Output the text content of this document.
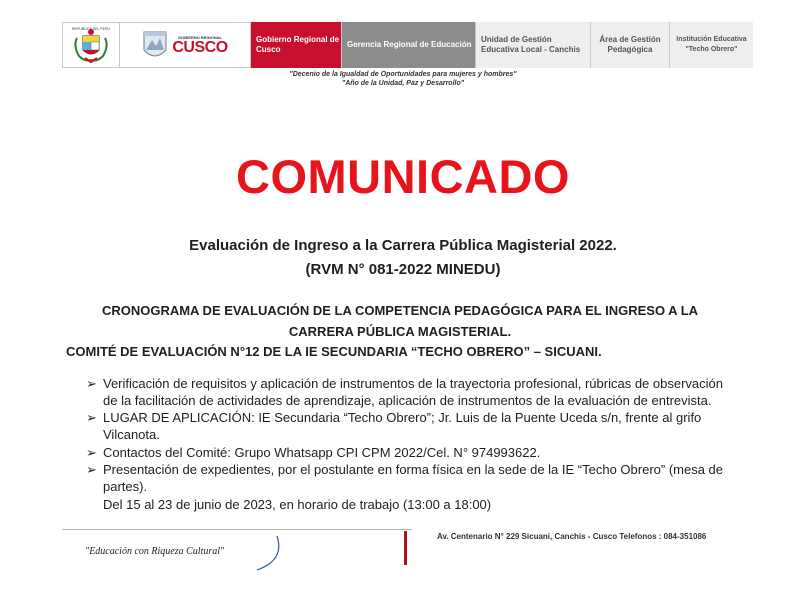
REPUBLICA DEL PERU
GOBIERNO REGIONAL
CUSCO	Gobierno Regional de Cusco
Gerencia Regional de Educación
Unidad de Gestión Educativa Local - Canchis
Área de Gestión Pedagógica
Institución Educativa "Techo Obrero"
"Decenio de la Igualdad de Oportunidades para mujeres y hombres"
"Año de la Unidad, Paz y Desarrollo"
COMUNICADO
Evaluación de Ingreso a la Carrera Pública Magisterial 2022.
(RVM N° 081-2022 MINEDU)
CRONOGRAMA DE EVALUACIÓN DE LA COMPETENCIA PEDAGÓGICA PARA EL INGRESO A LA
CARRERA PÚBLICA MAGISTERIAL.
COMITÉ DE EVALUACIÓN N°12 DE LA IE SECUNDARIA “TECHO OBRERO” – SICUANI.
➢ Verificación de requisitos y aplicación de instrumentos de la trayectoria profesional, rúbricas de observación
de la facilitación de actividades de aprendizaje, aplicación de instrumentos de la evaluación de entrevista.
➢ LUGAR DE APLICACIÓN: IE Secundaria “Techo Obrero”; Jr. Luis de la Puente Uceda s/n, frente al grifo
Vilcanota.
➢ Contactos del Comité: Grupo Whatsapp CPI CPM 2022/Cel. N° 974993622.
➢ Presentación de expedientes, por el postulante en forma física en la sede de la IE “Techo Obrero” (mesa de
partes).
Del 15 al 23 de junio de 2023, en horario de trabajo (13:00 a 18:00)
Av. Centenario N° 229 Sicuani, Canchis - Cusco Telefonos : 084-351086
"Educación con Riqueza Cultural"
